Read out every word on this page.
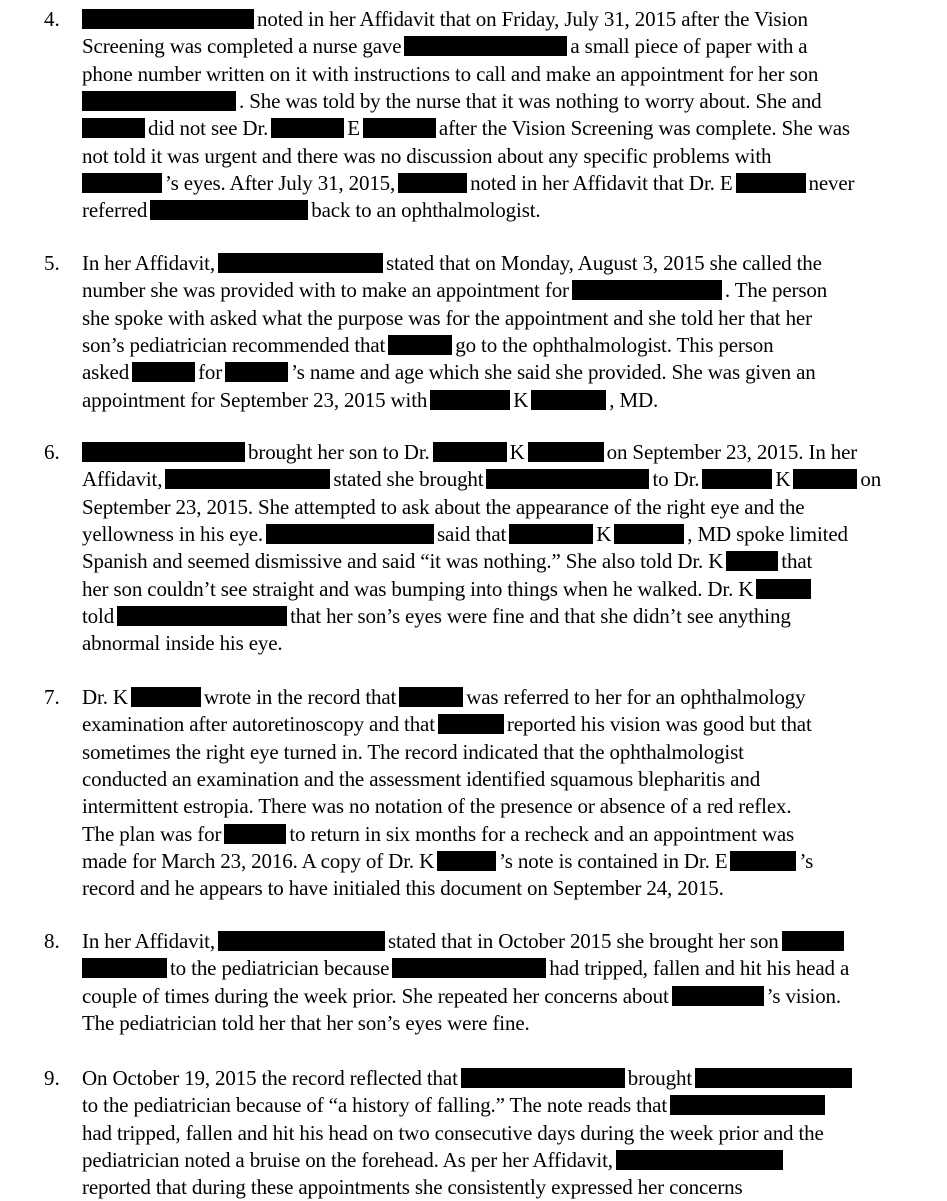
4.	noted in her Affidavit that on Friday, July 31, 2015 after the Vision
Screening was completed a nurse gave	a small piece of paper with a
phone number written on it with instructions to call and make an appointment for her son
. She was told by the nurse that it was nothing to worry about. She and
did not see Dr.	E	after the Vision Screening was complete. She was
not told it was urgent and there was no discussion about any specific problems with
’s eyes. After July 31, 2015,	noted in her Affidavit that Dr. E	never
referred	back to an ophthalmologist.
5.	In her Affidavit,	stated that on Monday, August 3, 2015 she called the
number she was provided with to make an appointment for	. The person
she spoke with asked what the purpose was for the appointment and she told her that her
son’s pediatrician recommended that	go to the ophthalmologist. This person
asked	for	’s name and age which she said she provided. She was given an
appointment for September 23, 2015 with	K	, MD.
6.	brought her son to Dr.	K	on September 23, 2015. In her
Affidavit,	stated she brought	to Dr.	K	on
September 23, 2015. She attempted to ask about the appearance of the right eye and the
yellowness in his eye.	said that	K	, MD spoke limited
Spanish and seemed dismissive and said “it was nothing.” She also told Dr. K	that
her son couldn’t see straight and was bumping into things when he walked. Dr. K
told	that her son’s eyes were fine and that she didn’t see anything
abnormal inside his eye.
7.	Dr. K	wrote in the record that	was referred to her for an ophthalmology
examination after autoretinoscopy and that	reported his vision was good but that
sometimes the right eye turned in. The record indicated that the ophthalmologist
conducted an examination and the assessment identified squamous blepharitis and
intermittent estropia. There was no notation of the presence or absence of a red reflex.
The plan was for	to return in six months for a recheck and an appointment was
made for March 23, 2016. A copy of Dr. K	’s note is contained in Dr. E	’s
record and he appears to have initialed this document on September 24, 2015.
8.	In her Affidavit,	stated that in October 2015 she brought her son
to the pediatrician because	had tripped, fallen and hit his head a
couple of times during the week prior. She repeated her concerns about	’s vision.
The pediatrician told her that her son’s eyes were fine.
9.	On October 19, 2015 the record reflected that	brought
to the pediatrician because of “a history of falling.” The note reads that
had tripped, fallen and hit his head on two consecutive days during the week prior and the
pediatrician noted a bruise on the forehead. As per her Affidavit,
reported that during these appointments she consistently expressed her concerns
